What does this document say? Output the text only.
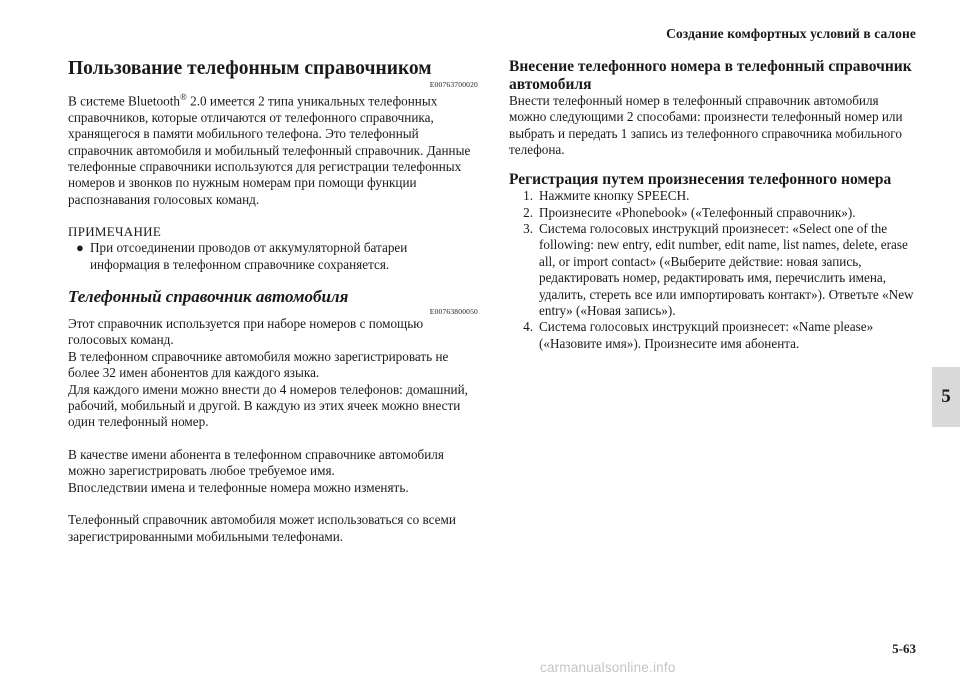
Создание комфортных условий в салоне
Пользование телефонным справочником
E00763700020

В системе Bluetooth® 2.0 имеется 2 типа уникальных телефонных справочников, которые отличаются от телефонного справочника, хранящегося в памяти мобильного телефона. Это телефонный справочник автомобиля и мобильный телефонный справочник. Данные телефонные справочники используются для регистрации телефонных номеров и звонков по нужным номерам при помощи функции распознавания голосовых команд.

ПРИМЕЧАНИЕ

● При отсоединении проводов от аккумуляторной батареи информация в телефонном справочнике сохраняется.
Телефонный справочник автомобиля
E00763800050

Этот справочник используется при наборе номеров с помощью голосовых команд.

В телефонном справочнике автомобиля можно зарегистрировать не более 32 имен абонентов для каждого языка.

Для каждого имени можно внести до 4 номеров телефонов: домашний, рабочий, мобильный и другой. В каждую из этих ячеек можно внести один телефонный номер.

В качестве имени абонента в телефонном справочнике автомобиля можно зарегистрировать любое требуемое имя.

Впоследствии имена и телефонные номера можно изменять.

Телефонный справочник автомобиля может использоваться со всеми зарегистрированными мобильными телефонами.

Внесение телефонного номера в телефонный справочник автомобиля

Внести телефонный номер в телефонный справочник автомобиля можно следующими 2 способами: произнести телефонный номер или выбрать и передать 1 запись из телефонного справочника мобильного телефона.

Регистрация путем произнесения телефонного номера
1. Нажмите кнопку SPEECH.
2. Произнесите «Phonebook» («Телефонный справочник»).
3. Система голосовых инструкций произнесет: «Select one of the following: new entry, edit number, edit name, list names, delete, erase all, or import contact» («Выберите действие: новая запись, редактировать номер, редактировать имя, перечислить имена, удалить, стереть все или импортировать контакт»). Ответьте «New entry» («Новая запись»).
4. Система голосовых инструкций произнесет: «Name please» («Назовите имя»). Произнесите имя абонента.
5
5-63
carmanualsonline.info
